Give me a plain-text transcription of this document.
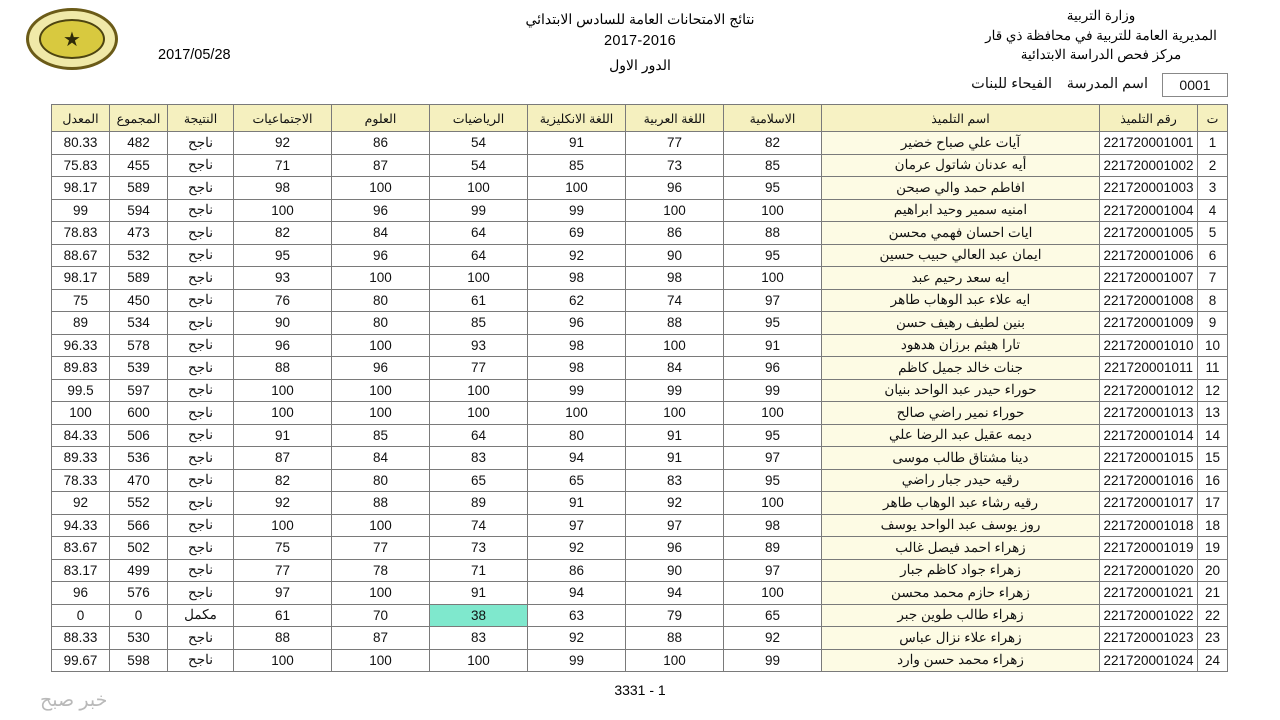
★
وزارة التربية
المديرية العامة للتربية في محافظة ذي قار
مركز فحص الدراسة الابتدائية
نتائج الامتحانات العامة للسادس الابتدائي
2017-2016
الدور الاول
2017/05/28
0001
اسم المدرسة
الفيحاء للبنات
ت	رقم التلميذ	اسم التلميذ	الاسلامية	اللغة العربية	اللغة الانكليزية	الرياضيات	العلوم	الاجتماعيات	النتيجة	المجموع	المعدل
1	221720001001	آيات علي صباح خضير	82	77	91	54	86	92	ناجح	482	80.33
2	221720001002	أيه عدنان شاتول عرمان	85	73	85	54	87	71	ناجح	455	75.83
3	221720001003	افاطم حمد والي صبحن	95	96	100	100	100	98	ناجح	589	98.17
4	221720001004	امنيه سمير وحيد ابراهيم	100	100	99	99	96	100	ناجح	594	99
5	221720001005	ايات احسان فهمي محسن	88	86	69	64	84	82	ناجح	473	78.83
6	221720001006	ايمان عبد العالي حبيب حسين	95	90	92	64	96	95	ناجح	532	88.67
7	221720001007	ايه سعد رحيم عبد	100	98	98	100	100	93	ناجح	589	98.17
8	221720001008	ايه علاء عبد الوهاب طاهر	97	74	62	61	80	76	ناجح	450	75
9	221720001009	بنين لطيف رهيف حسن	95	88	96	85	80	90	ناجح	534	89
10	221720001010	تارا هيثم برزان هدهود	91	100	98	93	100	96	ناجح	578	96.33
11	221720001011	جنات خالد جميل كاظم	96	84	98	77	96	88	ناجح	539	89.83
12	221720001012	حوراء حيدر عبد الواحد بنيان	99	99	99	100	100	100	ناجح	597	99.5
13	221720001013	حوراء نمير راضي صالح	100	100	100	100	100	100	ناجح	600	100
14	221720001014	ديمه عقيل عبد الرضا علي	95	91	80	64	85	91	ناجح	506	84.33
15	221720001015	دينا مشتاق طالب موسى	97	91	94	83	84	87	ناجح	536	89.33
16	221720001016	رقيه حيدر جبار راضي	95	83	65	65	80	82	ناجح	470	78.33
17	221720001017	رقيه رشاء عبد الوهاب طاهر	100	92	91	89	88	92	ناجح	552	92
18	221720001018	روز يوسف عبد الواحد يوسف	98	97	97	74	100	100	ناجح	566	94.33
19	221720001019	زهراء احمد فيصل غالب	89	96	92	73	77	75	ناجح	502	83.67
20	221720001020	زهراء جواد كاظم جبار	97	90	86	71	78	77	ناجح	499	83.17
21	221720001021	زهراء حازم محمد محسن	100	94	94	91	100	97	ناجح	576	96
22	221720001022	زهراء طالب طوين جبر	65	79	63	38	70	61	مكمل	0	0
23	221720001023	زهراء علاء نزال عباس	92	88	92	83	87	88	ناجح	530	88.33
24	221720001024	زهراء محمد حسن وارد	99	100	99	100	100	100	ناجح	598	99.67
3331 - 1
خبر صبح
